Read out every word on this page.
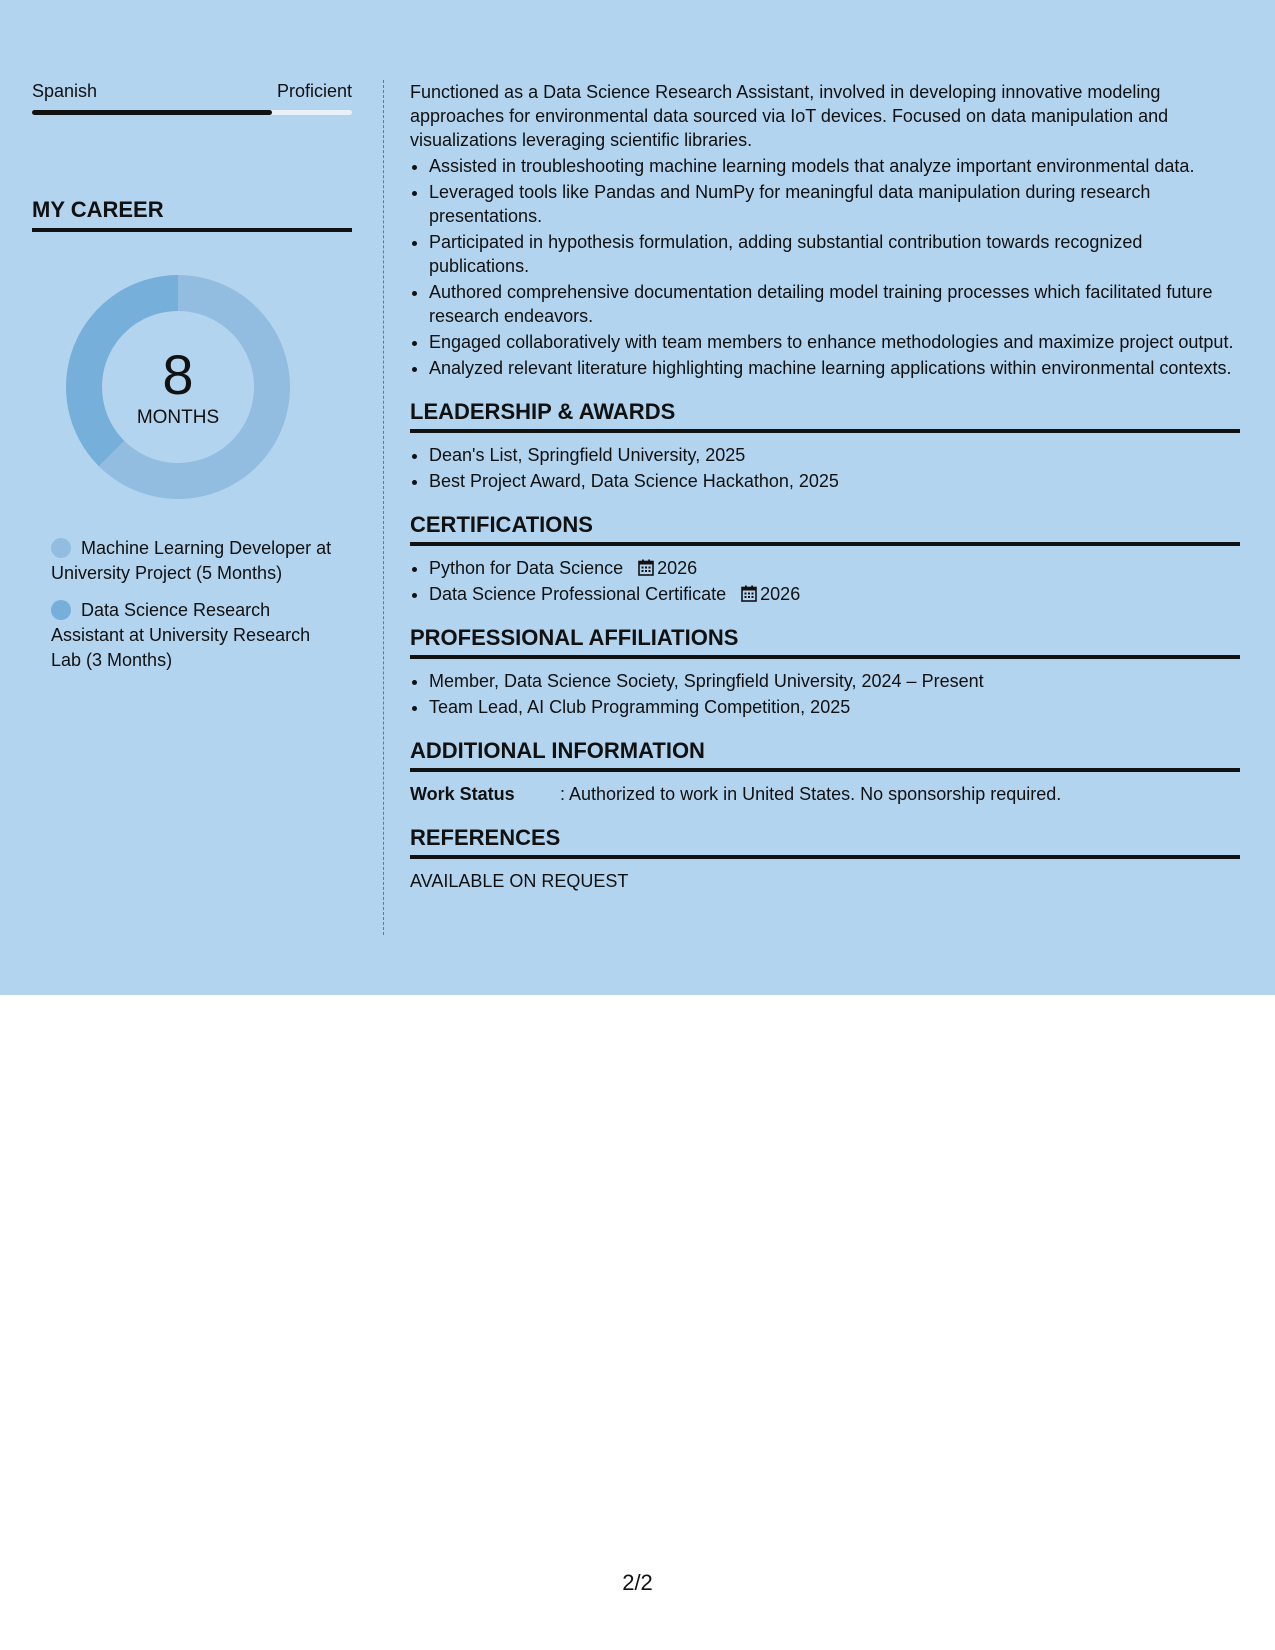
Spanish	Proficient
MY CAREER
8
MONTHS
Machine Learning Developer at University Project (5 Months)
Data Science Research Assistant at University Research Lab (3 Months)

Functioned as a Data Science Research Assistant, involved in developing innovative modeling approaches for environmental data sourced via IoT devices. Focused on data manipulation and visualizations leveraging scientific libraries.

• Assisted in troubleshooting machine learning models that analyze important environmental data.
• Leveraged tools like Pandas and NumPy for meaningful data manipulation during research presentations.
• Participated in hypothesis formulation, adding substantial contribution towards recognized publications.
• Authored comprehensive documentation detailing model training processes which facilitated future research endeavors.
• Engaged collaboratively with team members to enhance methodologies and maximize project output.
• Analyzed relevant literature highlighting machine learning applications within environmental contexts.
LEADERSHIP & AWARDS
• Dean's List, Springfield University, 2025
• Best Project Award, Data Science Hackathon, 2025
CERTIFICATIONS
• Python for Data Science 2026
• Data Science Professional Certificate 2026
PROFESSIONAL AFFILIATIONS
• Member, Data Science Society, Springfield University, 2024 – Present
• Team Lead, AI Club Programming Competition, 2025
ADDITIONAL INFORMATION
Work Status	: Authorized to work in United States. No sponsorship required.
REFERENCES
AVAILABLE ON REQUEST
2/2
